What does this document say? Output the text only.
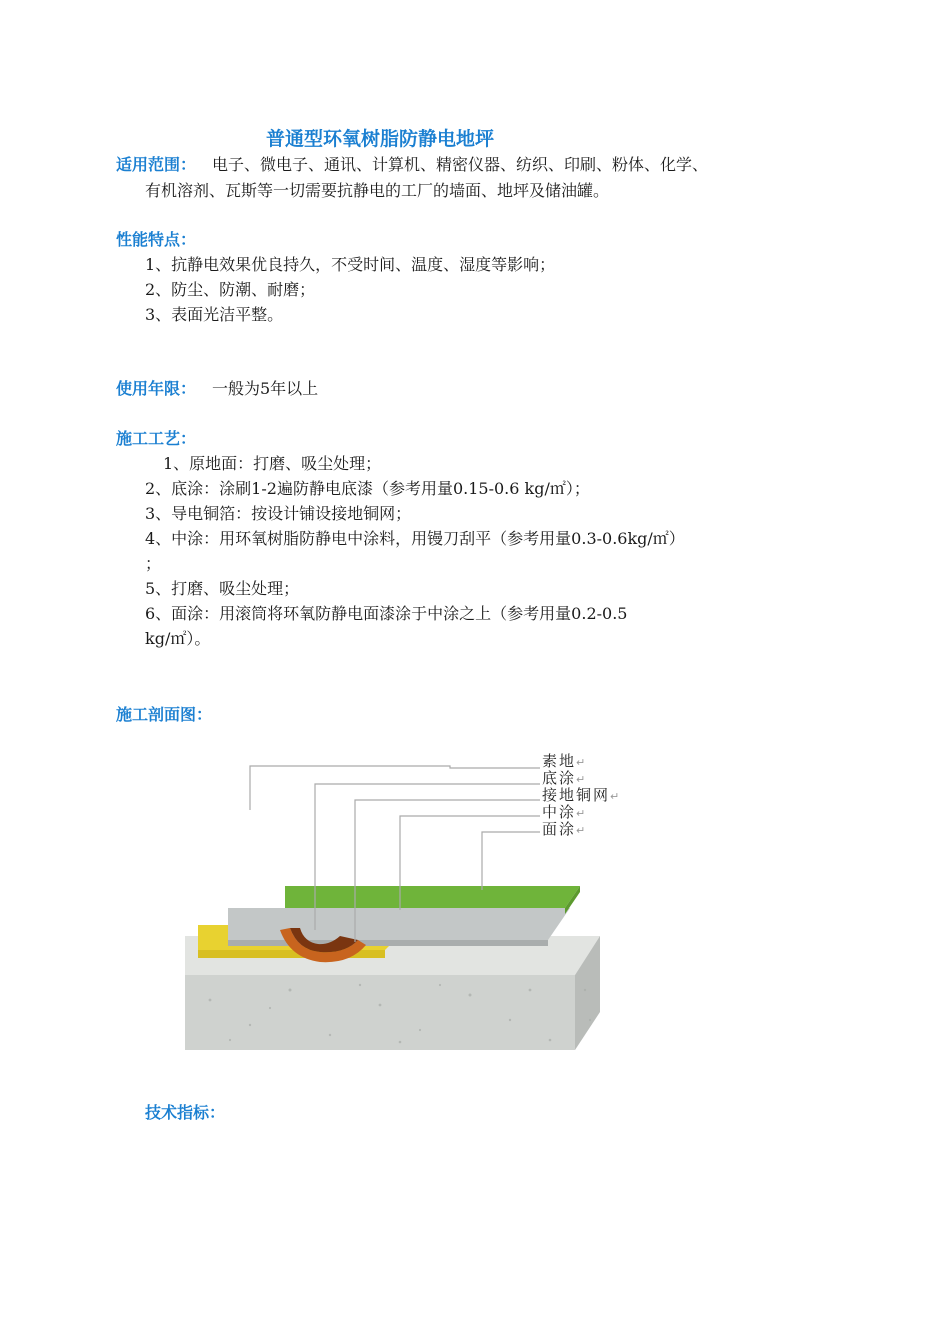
普通型环氧树脂防静电地坪
适用范围： 电子、微电子、通讯、计算机、精密仪器、纺织、印刷、粉体、化学、
有机溶剂、瓦斯等一切需要抗静电的工厂的墙面、地坪及储油罐。
性能特点：
1、抗静电效果优良持久，不受时间、温度、湿度等影响；
2、防尘、防潮、耐磨；
3、表面光洁平整。
使用年限： 一般为5年以上
施工工艺：
1、原地面：打磨、吸尘处理；
2、底涂：涂刷1-2遍防静电底漆（参考用量0.15-0.6 kg/㎡）；
3、导电铜箔：按设计铺设接地铜网；
4、中涂：用环氧树脂防静电中涂料，用镘刀刮平（参考用量0.3-0.6kg/㎡）
；
5、打磨、吸尘处理；
6、面涂：用滚筒将环氧防静电面漆涂于中涂之上（参考用量0.2-0.5
kg/㎡）。
施工剖面图：
素地↵
底涂↵
接地铜网↵
中涂↵
面涂↵
技术指标：
